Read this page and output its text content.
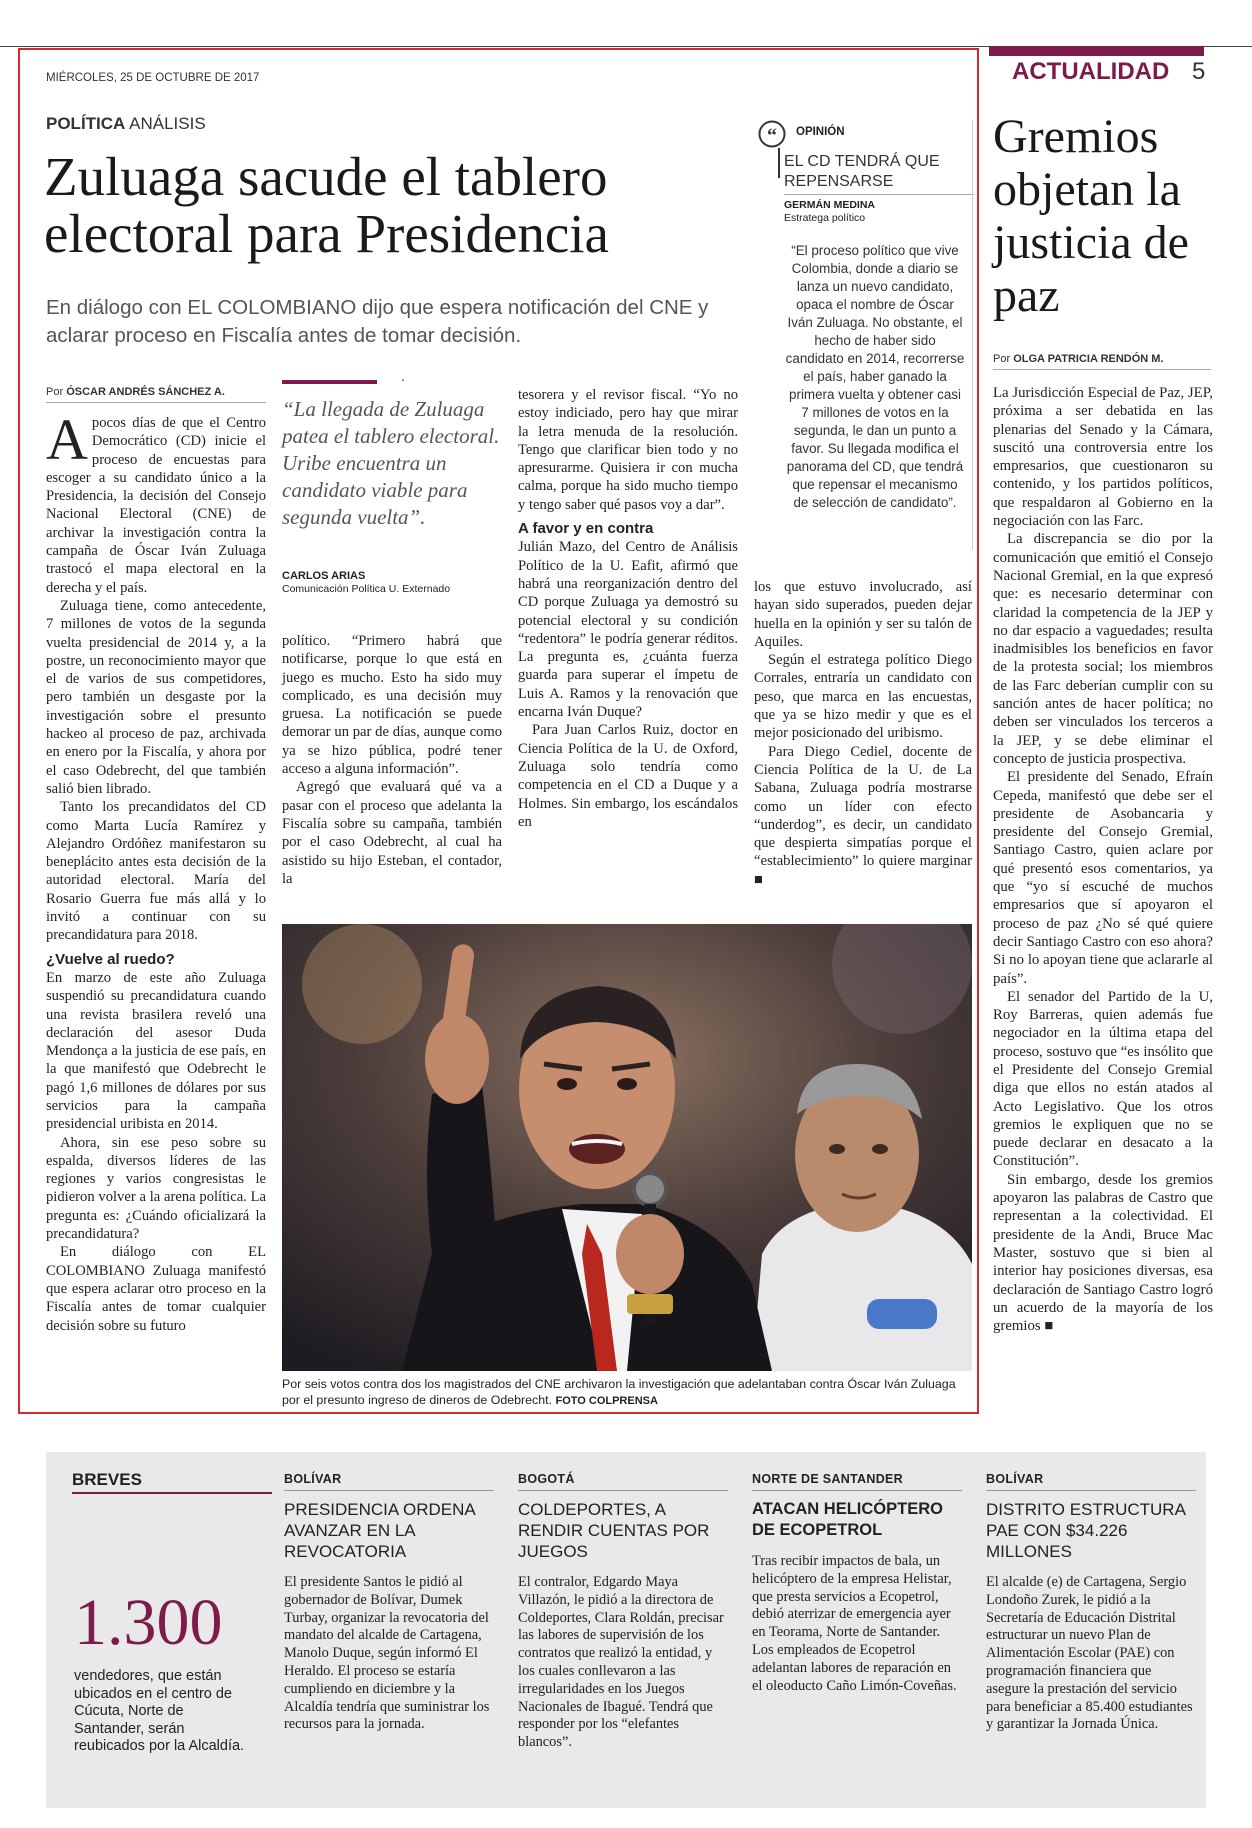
MIÉRCOLES, 25 DE OCTUBRE DE 2017	ACTUALIDAD 5
POLÍTICA ANÁLISIS
Zuluaga sacude el tablero
electoral para Presidencia
En diálogo con EL COLOMBIANO dijo que espera notificación del CNE y aclarar proceso en Fiscalía antes de tomar decisión.
Por ÓSCAR ANDRÉS SÁNCHEZ A.

Apocos días de que el Centro Democrático (CD) inicie el proceso de encuestas para escoger a su candidato único a la Presidencia, la decisión del Consejo Nacional Electoral (CNE) de archivar la investigación contra la campaña de Óscar Iván Zuluaga trastocó el mapa electoral en la derecha y el país.

Zuluaga tiene, como antecedente, 7 millones de votos de la segunda vuelta presidencial de 2014 y, a la postre, un reconocimiento mayor que el de varios de sus competidores, pero también un desgaste por la investigación sobre el presunto hackeo al proceso de paz, archivada en enero por la Fiscalía, y ahora por el caso Odebrecht, del que también salió bien librado.

Tanto los precandidatos del CD como Marta Lucía Ramírez y Alejandro Ordóñez manifestaron su beneplácito antes esta decisión de la autoridad electoral. María del Rosario Guerra fue más allá y lo invitó a continuar con su precandidatura para 2018.

¿Vuelve al ruedo?

En marzo de este año Zuluaga suspendió su precandidatura cuando una revista brasilera reveló una declaración del asesor Duda Mendonça a la justicia de ese país, en la que manifestó que Odebrecht le pagó 1,6 millones de dólares por sus servicios para la campaña presidencial uribista en 2014.

Ahora, sin ese peso sobre su espalda, diversos líderes de las regiones y varios congresistas le pidieron volver a la arena política. La pregunta es: ¿Cuándo oficializará la precandidatura?

En diálogo con EL COLOMBIANO Zuluaga manifestó que espera aclarar otro proceso en la Fiscalía antes de tomar cualquier decisión sobre su futuro

.
“La llegada de Zuluaga patea el tablero electoral. Uribe encuentra un candidato viable para segunda vuelta”.
CARLOS ARIAS
Comunicación Política U. Externado

político. “Primero habrá que notificarse, porque lo que está en juego es mucho. Esto ha sido muy complicado, es una decisión muy gruesa. La notificación se puede demorar un par de días, aunque como ya se hizo pública, podré tener acceso a alguna información”.

Agregó que evaluará qué va a pasar con el proceso que adelanta la Fiscalía sobre su campaña, también por el caso Odebrecht, al cual ha asistido su hijo Esteban, el contador, la

tesorera y el revisor fiscal. “Yo no estoy indiciado, pero hay que mirar la letra menuda de la resolución. Tengo que clarificar bien todo y no apresurarme. Quisiera ir con mucha calma, porque ha sido mucho tiempo y tengo saber qué pasos voy a dar”.

A favor y en contra

Julián Mazo, del Centro de Análisis Político de la U. Eafit, afirmó que habrá una reorganización dentro del CD porque Zuluaga ya demostró su potencial electoral y su condición “redentora” le podría generar réditos. La pregunta es, ¿cuánta fuerza guarda para superar el ímpetu de Luis A. Ramos y la renovación que encarna Iván Duque?

Para Juan Carlos Ruiz, doctor en Ciencia Política de la U. de Oxford, Zuluaga solo tendría como competencia en el CD a Duque y a Holmes. Sin embargo, los escándalos en

los que estuvo involucrado, así hayan sido superados, pueden dejar huella en la opinión y ser su talón de Aquiles.

Según el estratega político Diego Corrales, entraría un candidato con peso, que marca en las encuestas, que ya se hizo medir y que es el mejor posicionado del uribismo.

Para Diego Cediel, docente de Ciencia Política de la U. de La Sabana, Zuluaga podría mostrarse como un líder con efecto “underdog”, es decir, un candidato que despierta simpatías porque el “establecimiento” lo quiere marginar ■

“ OPINIÓN
EL CD TENDRÁ QUE REPENSARSE
GERMÁN MEDINA
Estratega político
“El proceso político que vive Colombia, donde a diario se lanza un nuevo candidato, opaca el nombre de Óscar Iván Zuluaga. No obstante, el hecho de haber sido candidato en 2014, recorrerse el país, haber ganado la primera vuelta y obtener casi 7 millones de votos en la segunda, le dan un punto a favor. Su llegada modifica el panorama del CD, que tendrá que repensar el mecanismo de selección de candidato”.
Por seis votos contra dos los magistrados del CNE archivaron la investigación que adelantaban contra Óscar Iván Zuluaga por el presunto ingreso de dineros de Odebrecht. FOTO COLPRENSA
Gremios objetan la justicia de paz
Por OLGA PATRICIA RENDÓN M.

La Jurisdicción Especial de Paz, JEP, próxima a ser debatida en las plenarias del Senado y la Cámara, suscitó una controversia entre los empresarios, que cuestionaron su contenido, y los partidos políticos, que respaldaron al Gobierno en la negociación con las Farc.

La discrepancia se dio por la comunicación que emitió el Consejo Nacional Gremial, en la que expresó que: es necesario determinar con claridad la competencia de la JEP y no dar espacio a vaguedades; resulta inadmisibles los beneficios en favor de la protesta social; los miembros de las Farc deberían cumplir con su sanción antes de hacer política; no deben ser vinculados los terceros a la JEP, y se debe eliminar el concepto de justicia prospectiva.

El presidente del Senado, Efraín Cepeda, manifestó que debe ser el presidente de Asobancaria y presidente del Consejo Gremial, Santiago Castro, quien aclare por qué presentó esos comentarios, ya que “yo sí escuché de muchos empresarios que sí apoyaron el proceso de paz ¿No sé qué quiere decir Santiago Castro con eso ahora? Si no lo apoyan tiene que aclararle al país”.

El senador del Partido de la U, Roy Barreras, quien además fue negociador en la última etapa del proceso, sostuvo que “es insólito que el Presidente del Consejo Gremial diga que ellos no están atados al Acto Legislativo. Que los otros gremios le expliquen que no se puede declarar en desacato a la Constitución”.

Sin embargo, desde los gremios apoyaron las palabras de Castro que representan a la colectividad. El presidente de la Andi, Bruce Mac Master, sostuvo que si bien al interior hay posiciones diversas, esa declaración de Santiago Castro logró un acuerdo de la mayoría de los gremios ■

BREVES
1.300
vendedores, que están ubicados en el centro de Cúcuta, Norte de Santander, serán reubicados por la Alcaldía.
BOLÍVAR
PRESIDENCIA ORDENA AVANZAR EN LA REVOCATORIA
El presidente Santos le pidió al gobernador de Bolívar, Dumek Turbay, organizar la revocatoria del mandato del alcalde de Cartagena, Manolo Duque, según informó El Heraldo. El proceso se estaría cumpliendo en diciembre y la Alcaldía tendría que suministrar los recursos para la jornada.
BOGOTÁ
COLDEPORTES, A RENDIR CUENTAS POR JUEGOS
El contralor, Edgardo Maya Villazón, le pidió a la directora de Coldeportes, Clara Roldán, precisar las labores de supervisión de los contratos que realizó la entidad, y los cuales conllevaron a las irregularidades en los Juegos Nacionales de Ibagué. Tendrá que responder por los “elefantes blancos”.
NORTE DE SANTANDER
ATACAN HELICÓPTERO DE ECOPETROL
Tras recibir impactos de bala, un helicóptero de la empresa Helistar, que presta servicios a Ecopetrol, debió aterrizar de emergencia ayer en Teorama, Norte de Santander. Los empleados de Ecopetrol adelantan labores de reparación en el oleoducto Caño Limón-Coveñas.
BOLÍVAR
DISTRITO ESTRUCTURA PAE CON $34.226 MILLONES
El alcalde (e) de Cartagena, Sergio Londoño Zurek, le pidió a la Secretaría de Educación Distrital estructurar un nuevo Plan de Alimentación Escolar (PAE) con programación financiera que asegure la prestación del servicio para beneficiar a 85.400 estudiantes y garantizar la Jornada Única.
